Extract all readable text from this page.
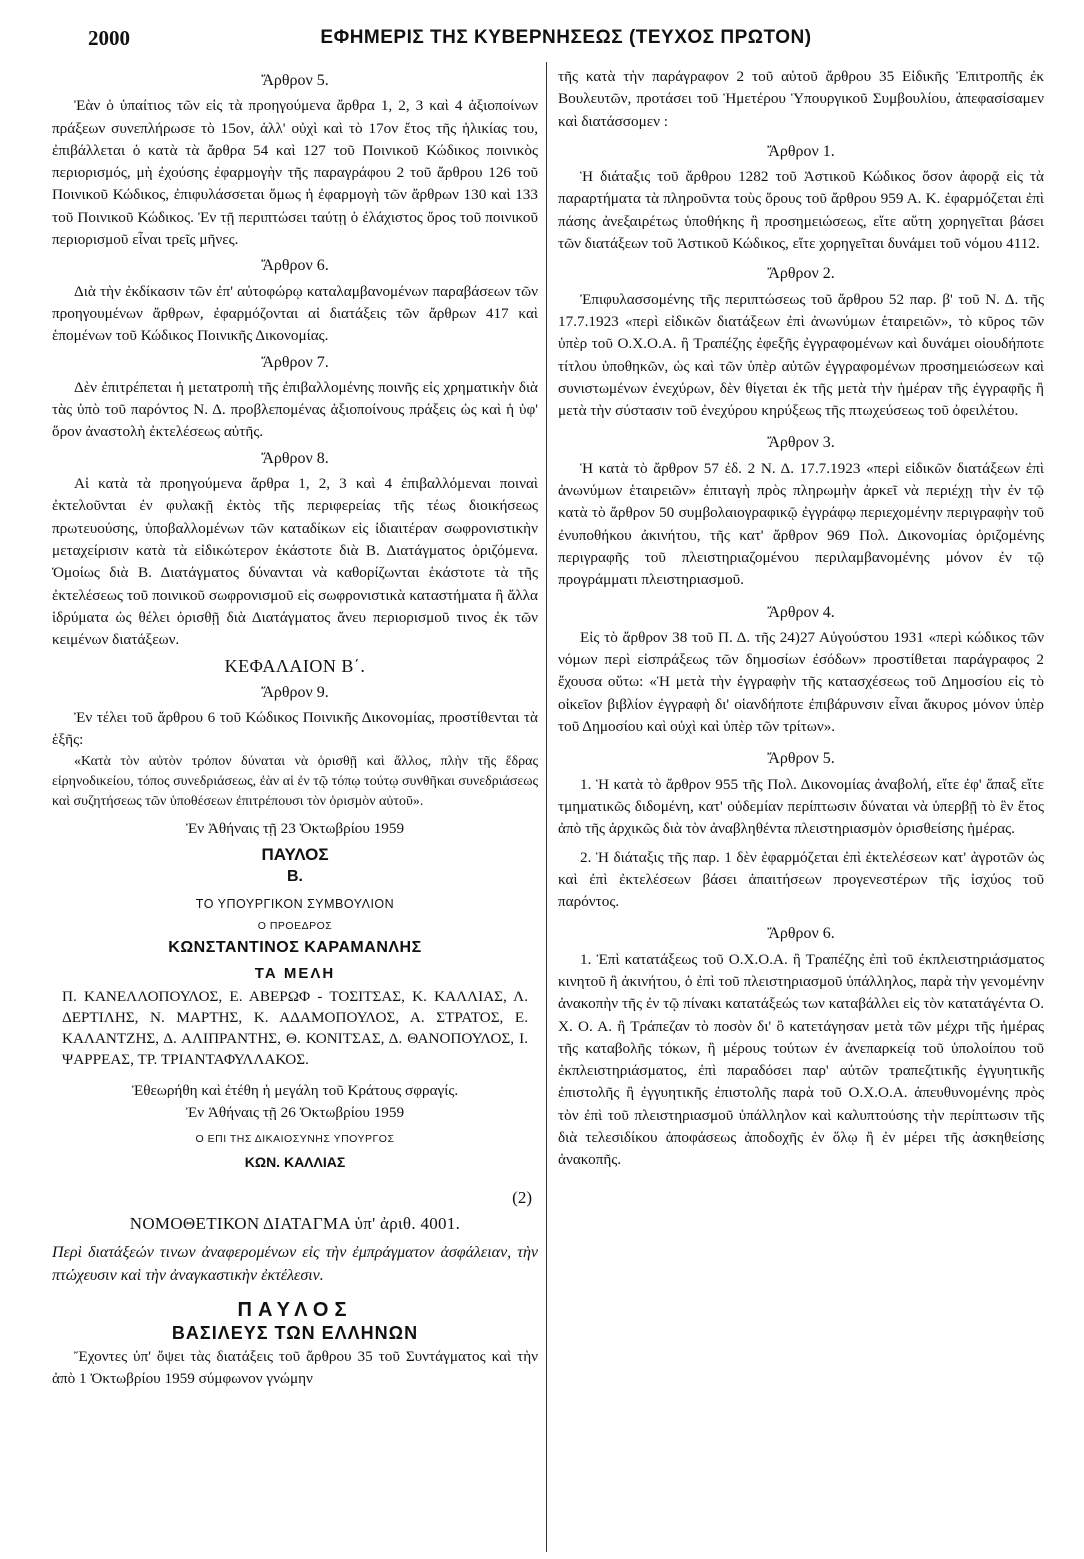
2000	ΕΦΗΜΕΡΙΣ ΤΗΣ ΚΥΒΕΡΝΗΣΕΩΣ (ΤΕΥΧΟΣ ΠΡΩΤΟΝ)
Ἄρθρον 5.

Ἐὰν ὁ ὑπαίτιος τῶν εἰς τὰ προηγούμενα ἄρθρα 1, 2, 3 καὶ 4 ἀξιοποίνων πράξεων συνεπλήρωσε τὸ 15ον, ἀλλ' οὐχὶ καὶ τὸ 17ον ἔτος τῆς ἡλικίας του, ἐπιβάλλεται ὁ κατὰ τὰ ἄρθρα 54 καὶ 127 τοῦ Ποινικοῦ Κώδικος ποινικὸς περιορισμός, μὴ ἐχούσης ἐφαρμογὴν τῆς παραγράφου 2 τοῦ ἄρθρου 126 τοῦ Ποινικοῦ Κώδικος, ἐπιφυλάσσεται ὅμως ἡ ἐφαρμογὴ τῶν ἄρθρων 130 καὶ 133 τοῦ Ποινικοῦ Κώδικος. Ἐν τῇ περιπτώσει ταύτῃ ὁ ἐλάχιστος ὅρος τοῦ ποινικοῦ περιορισμοῦ εἶναι τρεῖς μῆνες.

Ἄρθρον 6.

Διὰ τὴν ἐκδίκασιν τῶν ἐπ' αὐτοφώρῳ καταλαμβανομένων παραβάσεων τῶν προηγουμένων ἄρθρων, ἐφαρμόζονται αἱ διατάξεις τῶν ἄρθρων 417 καὶ ἑπομένων τοῦ Κώδικος Ποινικῆς Δικονομίας.

Ἄρθρον 7.

Δὲν ἐπιτρέπεται ἡ μετατροπὴ τῆς ἐπιβαλλομένης ποινῆς εἰς χρηματικὴν διὰ τὰς ὑπὸ τοῦ παρόντος Ν. Δ. προβλεπομένας ἀξιοποίνους πράξεις ὡς καὶ ἡ ὑφ' ὅρον ἀναστολὴ ἐκτελέσεως αὐτῆς.

Ἄρθρον 8.

Αἱ κατὰ τὰ προηγούμενα ἄρθρα 1, 2, 3 καὶ 4 ἐπιβαλλόμεναι ποιναὶ ἐκτελοῦνται ἐν φυλακῇ ἐκτὸς τῆς περιφερείας τῆς τέως διοικήσεως πρωτευούσης, ὑποβαλλομένων τῶν καταδίκων εἰς ἰδιαιτέραν σωφρονιστικὴν μεταχείρισιν κατὰ τὰ εἰδικώτερον ἑκάστοτε διὰ Β. Διατάγματος ὁριζόμενα. Ὁμοίως διὰ Β. Διατάγματος δύνανται νὰ καθορίζωνται ἑκάστοτε τὰ τῆς ἐκτελέσεως τοῦ ποινικοῦ σωφρονισμοῦ εἰς σωφρονιστικὰ καταστήματα ἢ ἄλλα ἱδρύματα ὡς θέλει ὁρισθῇ διὰ Διατάγματος ἄνευ περιορισμοῦ τινος ἐκ τῶν κειμένων διατάξεων.

ΚΕΦΑΛΑΙΟΝ Β΄.
Ἄρθρον 9.

Ἐν τέλει τοῦ ἄρθρου 6 τοῦ Κώδικος Ποινικῆς Δικονομίας, προστίθενται τὰ ἑξῆς:

«Κατὰ τὸν αὐτὸν τρόπον δύναται νὰ ὁρισθῇ καὶ ἄλλος, πλὴν τῆς ἕδρας εἰρηνοδικείου, τόπος συνεδριάσεως, ἐὰν αἱ ἐν τῷ τόπῳ τούτῳ συνθῆκαι συνεδριάσεως καὶ συζητήσεως τῶν ὑποθέσεων ἐπιτρέπουσι τὸν ὁρισμὸν αὐτοῦ».

Ἐν Ἀθήναις τῇ 23 Ὀκτωβρίου 1959
ΠΑΥΛΟΣ
Β.
ΤΟ ΥΠΟΥΡΓΙΚΟΝ ΣΥΜΒΟΥΛΙΟΝ
Ο ΠΡΟΕΔΡΟΣ
ΚΩΝΣΤΑΝΤΙΝΟΣ ΚΑΡΑΜΑΝΛΗΣ
ΤΑ ΜΕΛΗ
Π. ΚΑΝΕΛΛΟΠΟΥΛΟΣ, Ε. ΑΒΕΡΩΦ - ΤΟΣΙΤΣΑΣ, Κ. ΚΑΛΛΙΑΣ, Λ. ΔΕΡΤΙΛΗΣ, Ν. ΜΑΡΤΗΣ, Κ. ΑΔΑΜΟΠΟΥΛΟΣ, Α. ΣΤΡΑΤΟΣ, Ε. ΚΑΛΑΝΤΖΗΣ, Δ. ΑΛΙΠΡΑΝΤΗΣ, Θ. ΚΟΝΙΤΣΑΣ, Δ. ΘΑΝΟΠΟΥΛΟΣ, Ι. ΨΑΡΡΕΑΣ, ΤΡ. ΤΡΙΑΝΤΑΦΥΛΛΑΚΟΣ.
Ἐθεωρήθη καὶ ἐτέθη ἡ μεγάλη τοῦ Κράτους σφραγίς.
Ἐν Ἀθήναις τῇ 26 Ὀκτωβρίου 1959
Ο ΕΠΙ ΤΗΣ ΔΙΚΑΙΟΣΥΝΗΣ ΥΠΟΥΡΓΟΣ
ΚΩΝ. ΚΑΛΛΙΑΣ
(2)
ΝΟΜΟΘΕΤΙΚΟΝ ΔΙΑΤΑΓΜΑ ὑπ' ἀριθ. 4001.

Περὶ διατάξεών τινων ἀναφερομένων εἰς τὴν ἐμπράγματον ἀσφάλειαν, τὴν πτώχευσιν καὶ τὴν ἀναγκαστικὴν ἐκτέλεσιν.

ΠΑΥΛΟΣ
ΒΑΣΙΛΕΥΣ ΤΩΝ ΕΛΛΗΝΩΝ

Ἔχοντες ὑπ' ὄψει τὰς διατάξεις τοῦ ἄρθρου 35 τοῦ Συντάγματος καὶ τὴν ἀπὸ 1 Ὀκτωβρίου 1959 σύμφωνον γνώμην

τῆς κατὰ τὴν παράγραφον 2 τοῦ αὐτοῦ ἄρθρου 35 Εἰδικῆς Ἐπιτροπῆς ἐκ Βουλευτῶν, προτάσει τοῦ Ἡμετέρου Ὑπουργικοῦ Συμβουλίου, ἀπεφασίσαμεν καὶ διατάσσομεν :

Ἄρθρον 1.

Ἡ διάταξις τοῦ ἄρθρου 1282 τοῦ Ἀστικοῦ Κώδικος ὅσον ἀφορᾷ εἰς τὰ παραρτήματα τὰ πληροῦντα τοὺς ὅρους τοῦ ἄρθρου 959 Α. Κ. ἐφαρμόζεται ἐπὶ πάσης ἀνεξαιρέτως ὑποθήκης ἢ προσημειώσεως, εἴτε αὕτη χορηγεῖται βάσει τῶν διατάξεων τοῦ Ἀστικοῦ Κώδικος, εἴτε χορηγεῖται δυνάμει τοῦ νόμου 4112.

Ἄρθρον 2.

Ἐπιφυλασσομένης τῆς περιπτώσεως τοῦ ἄρθρου 52 παρ. β' τοῦ Ν. Δ. τῆς 17.7.1923 «περὶ εἰδικῶν διατάξεων ἐπὶ ἀνωνύμων ἑταιρειῶν», τὸ κῦρος τῶν ὑπὲρ τοῦ Ο.Χ.Ο.Α. ἢ Τραπέζης ἐφεξῆς ἐγγραφομένων καὶ δυνάμει οἱουδήποτε τίτλου ὑποθηκῶν, ὡς καὶ τῶν ὑπὲρ αὐτῶν ἐγγραφομένων προσημειώσεων καὶ συνιστωμένων ἐνεχύρων, δὲν θίγεται ἐκ τῆς μετὰ τὴν ἡμέραν τῆς ἐγγραφῆς ἢ μετὰ τὴν σύστασιν τοῦ ἐνεχύρου κηρύξεως τῆς πτωχεύσεως τοῦ ὀφειλέτου.

Ἄρθρον 3.

Ἡ κατὰ τὸ ἄρθρον 57 ἐδ. 2 Ν. Δ. 17.7.1923 «περὶ εἰδικῶν διατάξεων ἐπὶ ἀνωνύμων ἑταιρειῶν» ἐπιταγὴ πρὸς πληρωμὴν ἀρκεῖ νὰ περιέχῃ τὴν ἐν τῷ κατὰ τὸ ἄρθρον 50 συμβολαιογραφικῷ ἐγγράφῳ περιεχομένην περιγραφὴν τοῦ ἐνυποθήκου ἀκινήτου, τῆς κατ' ἄρθρον 969 Πολ. Δικονομίας ὁριζομένης περιγραφῆς τοῦ πλειστηριαζομένου περιλαμβανομένης μόνον ἐν τῷ προγράμματι πλειστηριασμοῦ.

Ἄρθρον 4.

Εἰς τὸ ἄρθρον 38 τοῦ Π. Δ. τῆς 24)27 Αὐγούστου 1931 «περὶ κώδικος τῶν νόμων περὶ εἰσπράξεως τῶν δημοσίων ἐσόδων» προστίθεται παράγραφος 2 ἔχουσα οὕτω: «Ἡ μετὰ τὴν ἐγγραφὴν τῆς κατασχέσεως τοῦ Δημοσίου εἰς τὸ οἰκεῖον βιβλίον ἐγγραφὴ δι' οἱανδήποτε ἐπιβάρυνσιν εἶναι ἄκυρος μόνον ὑπὲρ τοῦ Δημοσίου καὶ οὐχὶ καὶ ὑπὲρ τῶν τρίτων».

Ἄρθρον 5.

1. Ἡ κατὰ τὸ ἄρθρον 955 τῆς Πολ. Δικονομίας ἀναβολή, εἴτε ἐφ' ἅπαξ εἴτε τμηματικῶς διδομένη, κατ' οὐδεμίαν περίπτωσιν δύναται νὰ ὑπερβῇ τὸ ἓν ἔτος ἀπὸ τῆς ἀρχικῶς διὰ τὸν ἀναβληθέντα πλειστηριασμὸν ὁρισθείσης ἡμέρας.

2. Ἡ διάταξις τῆς παρ. 1 δὲν ἐφαρμόζεται ἐπὶ ἐκτελέσεων κατ' ἀγροτῶν ὡς καὶ ἐπὶ ἐκτελέσεων βάσει ἀπαιτήσεων προγενεστέρων τῆς ἰσχύος τοῦ παρόντος.

Ἄρθρον 6.

1. Ἐπὶ κατατάξεως τοῦ Ο.Χ.Ο.Α. ἢ Τραπέζης ἐπὶ τοῦ ἐκπλειστηριάσματος κινητοῦ ἢ ἀκινήτου, ὁ ἐπὶ τοῦ πλειστηριασμοῦ ὑπάλληλος, παρὰ τὴν γενομένην ἀνακοπὴν τῆς ἐν τῷ πίνακι κατατάξεώς των καταβάλλει εἰς τὸν κατατάγέντα Ο. Χ. Ο. Α. ἢ Τράπεζαν τὸ ποσὸν δι' ὃ κατετάγησαν μετὰ τῶν μέχρι τῆς ἡμέρας τῆς καταβολῆς τόκων, ἢ μέρους τούτων ἐν ἀνεπαρκείᾳ τοῦ ὑπολοίπου τοῦ ἐκπλειστηριάσματος, ἐπὶ παραδόσει παρ' αὐτῶν τραπεζιτικῆς ἐγγυητικῆς ἐπιστολῆς ἢ ἐγγυητικῆς ἐπιστολῆς παρὰ τοῦ Ο.Χ.Ο.Α. ἀπευθυνομένης πρὸς τὸν ἐπὶ τοῦ πλειστηριασμοῦ ὑπάλληλον καὶ καλυπτούσης τὴν περίπτωσιν τῆς διὰ τελεσιδίκου ἀποφάσεως ἀποδοχῆς ἐν ὅλῳ ἢ ἐν μέρει τῆς ἀσκηθείσης ἀνακοπῆς.
